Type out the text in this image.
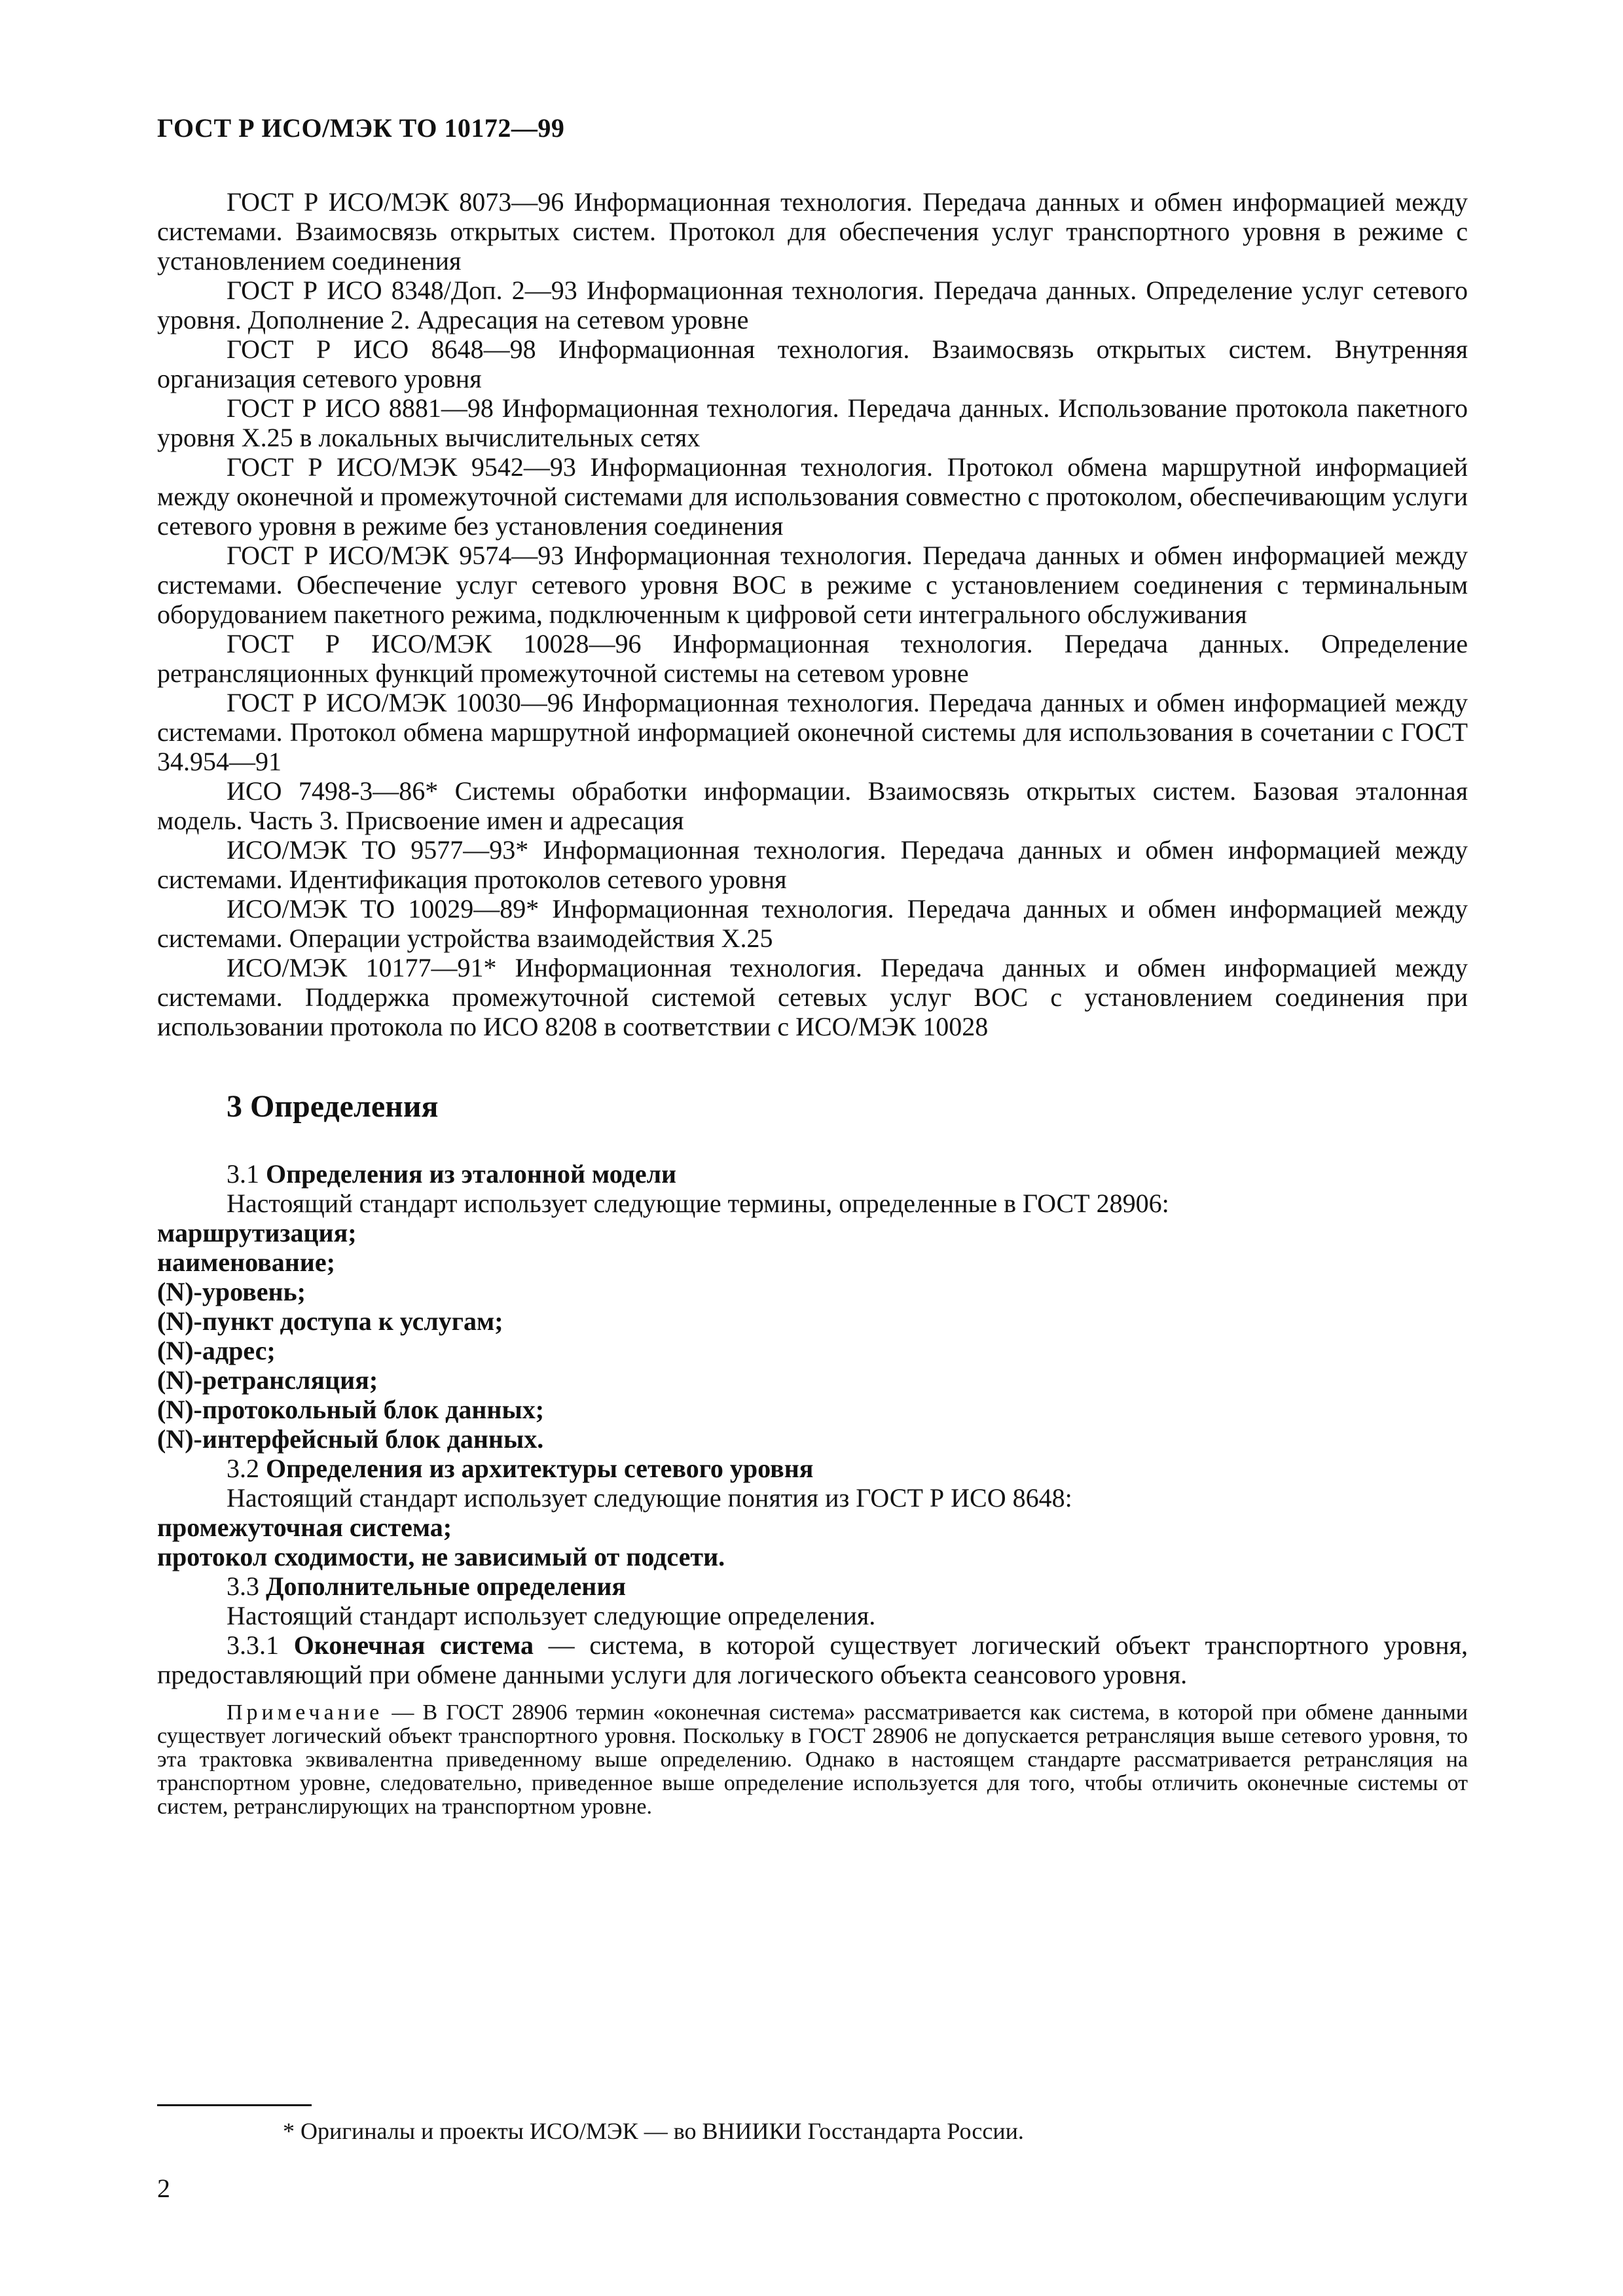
ГОСТ Р ИСО/МЭК ТО 10172—99

ГОСТ Р ИСО/МЭК 8073—96 Информационная технология. Передача данных и обмен информацией между системами. Взаимосвязь открытых систем. Протокол для обеспечения услуг транспортного уровня в режиме с установлением соединения

ГОСТ Р ИСО 8348/Доп. 2—93 Информационная технология. Передача данных. Определение услуг сетевого уровня. Дополнение 2. Адресация на сетевом уровне

ГОСТ Р ИСО 8648—98 Информационная технология. Взаимосвязь открытых систем. Внутренняя организация сетевого уровня

ГОСТ Р ИСО 8881—98 Информационная технология. Передача данных. Использование протокола пакетного уровня X.25 в локальных вычислительных сетях

ГОСТ Р ИСО/МЭК 9542—93 Информационная технология. Протокол обмена маршрутной информацией между оконечной и промежуточной системами для использования совместно с протоколом, обеспечивающим услуги сетевого уровня в режиме без установления соединения

ГОСТ Р ИСО/МЭК 9574—93 Информационная технология. Передача данных и обмен информацией между системами. Обеспечение услуг сетевого уровня ВОС в режиме с установлением соединения с терминальным оборудованием пакетного режима, подключенным к цифровой сети интегрального обслуживания

ГОСТ Р ИСО/МЭК 10028—96 Информационная технология. Передача данных. Определение ретрансляционных функций промежуточной системы на сетевом уровне

ГОСТ Р ИСО/МЭК 10030—96 Информационная технология. Передача данных и обмен информацией между системами. Протокол обмена маршрутной информацией оконечной системы для использования в сочетании с ГОСТ 34.954—91

ИСО 7498-3—86* Системы обработки информации. Взаимосвязь открытых систем. Базовая эталонная модель. Часть 3. Присвоение имен и адресация

ИСО/МЭК ТО 9577—93* Информационная технология. Передача данных и обмен информацией между системами. Идентификация протоколов сетевого уровня

ИСО/МЭК ТО 10029—89* Информационная технология. Передача данных и обмен информацией между системами. Операции устройства взаимодействия X.25

ИСО/МЭК 10177—91* Информационная технология. Передача данных и обмен информацией между системами. Поддержка промежуточной системой сетевых услуг ВОС с установлением соединения при использовании протокола по ИСО 8208 в соответствии с ИСО/МЭК 10028

3 Определения

3.1 Определения из эталонной модели

Настоящий стандарт использует следующие термины, определенные в ГОСТ 28906:

маршрутизация;

наименование;

(N)-уровень;

(N)-пункт доступа к услугам;

(N)-адрес;

(N)-ретрансляция;

(N)-протокольный блок данных;

(N)-интерфейсный блок данных.

3.2 Определения из архитектуры сетевого уровня

Настоящий стандарт использует следующие понятия из ГОСТ Р ИСО 8648:

промежуточная система;

протокол сходимости, не зависимый от подсети.

3.3 Дополнительные определения

Настоящий стандарт использует следующие определения.

3.3.1 Оконечная система — система, в которой существует логический объект транспортного уровня, предоставляющий при обмене данными услуги для логического объекта сеансового уровня.

Примечание — В ГОСТ 28906 термин «оконечная система» рассматривается как система, в которой при обмене данными существует логический объект транспортного уровня. Поскольку в ГОСТ 28906 не допускается ретрансляция выше сетевого уровня, то эта трактовка эквивалентна приведенному выше определению. Однако в настоящем стандарте рассматривается ретрансляция на транспортном уровне, следовательно, приведенное выше определение используется для того, чтобы отличить оконечные системы от систем, ретранслирующих на транспортном уровне.

* Оригиналы и проекты ИСО/МЭК — во ВНИИКИ Госстандарта России.
2
